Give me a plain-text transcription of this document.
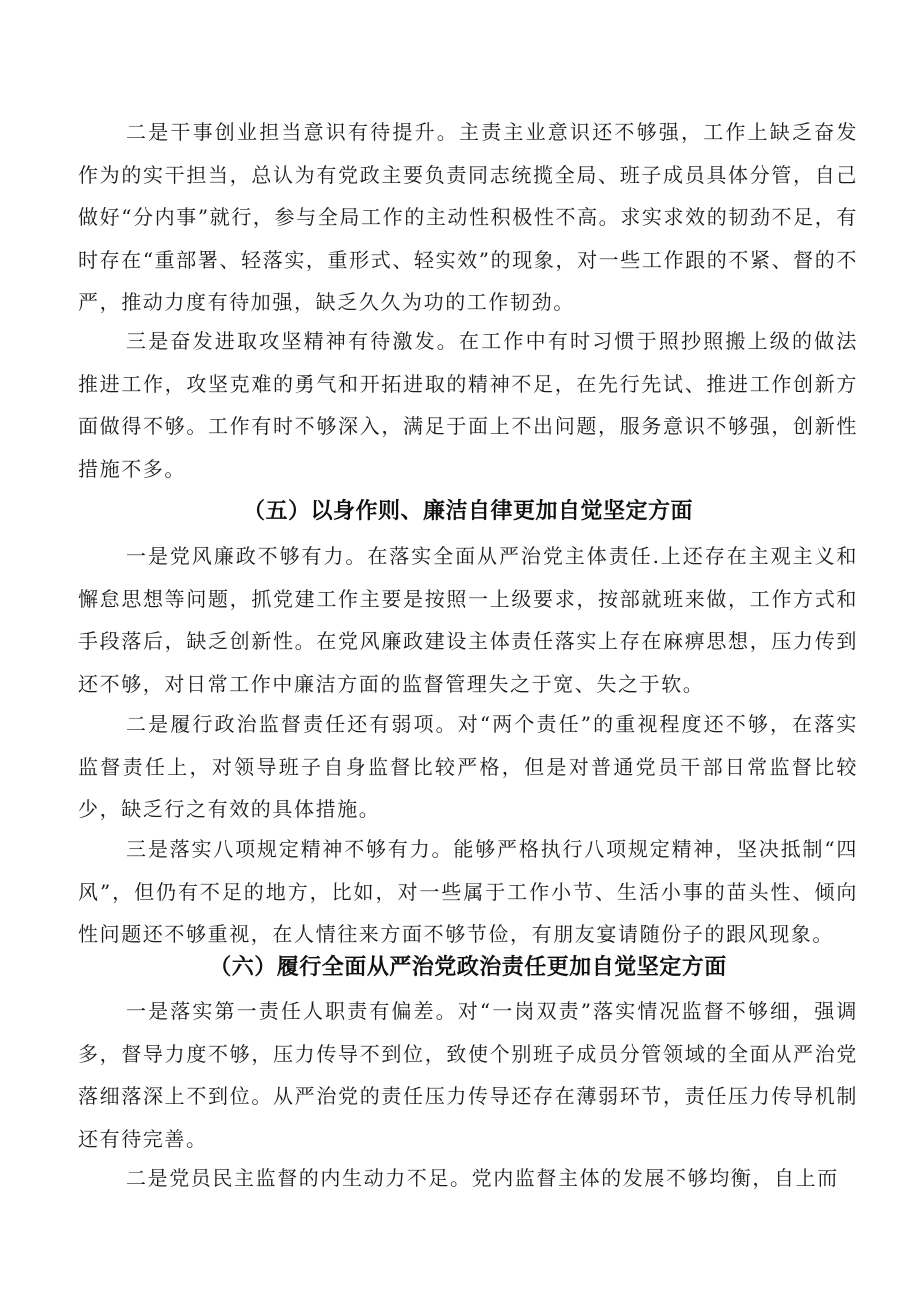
二是干事创业担当意识有待提升。主责主业意识还不够强，工作上缺乏奋发作为的实干担当，总认为有党政主要负责同志统揽全局、班子成员具体分管，自己做好“分内事”就行，参与全局工作的主动性积极性不高。求实求效的韧劲不足，有时存在“重部署、轻落实，重形式、轻实效”的现象，对一些工作跟的不紧、督的不严，推动力度有待加强，缺乏久久为功的工作韧劲。

三是奋发进取攻坚精神有待激发。在工作中有时习惯于照抄照搬上级的做法推进工作，攻坚克难的勇气和开拓进取的精神不足，在先行先试、推进工作创新方面做得不够。工作有时不够深入，满足于面上不出问题，服务意识不够强，创新性措施不多。

（五）以身作则、廉洁自律更加自觉坚定方面

一是党风廉政不够有力。在落实全面从严治党主体责任.上还存在主观主义和懈怠思想等问题，抓党建工作主要是按照一上级要求，按部就班来做，工作方式和手段落后，缺乏创新性。在党风廉政建设主体责任落实上存在麻痹思想，压力传到还不够，对日常工作中廉洁方面的监督管理失之于宽、失之于软。

二是履行政治监督责任还有弱项。对“两个责任”的重视程度还不够，在落实监督责任上，对领导班子自身监督比较严格，但是对普通党员干部日常监督比较少，缺乏行之有效的具体措施。

三是落实八项规定精神不够有力。能够严格执行八项规定精神，坚决抵制“四风”，但仍有不足的地方，比如，对一些属于工作小节、生活小事的苗头性、倾向性问题还不够重视，在人情往来方面不够节俭，有朋友宴请随份子的跟风现象。

（六）履行全面从严治党政治责任更加自觉坚定方面

一是落实第一责任人职责有偏差。对“一岗双责”落实情况监督不够细，强调多，督导力度不够，压力传导不到位，致使个别班子成员分管领域的全面从严治党落细落深上不到位。从严治党的责任压力传导还存在薄弱环节，责任压力传导机制还有待完善。

二是党员民主监督的内生动力不足。党内监督主体的发展不够均衡，自上而
